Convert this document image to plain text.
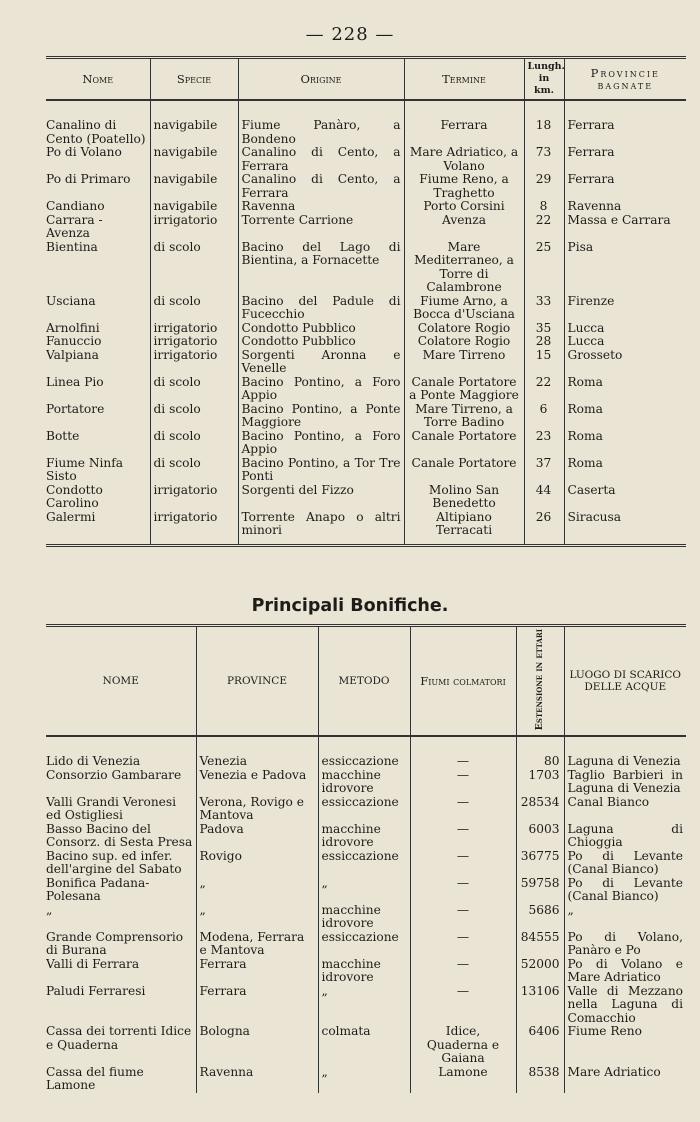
— 228 —
Nome	Specie	Origine	Termine	Lungh. in km.	Provincie bagnate
Canalino di Cento (Poatello)	navigabile	Fiume Panàro, a Bondeno	Ferrara	18	Ferrara
Po di Volano	navigabile	Canalino di Cento, a Ferrara	Mare Adriatico, a Volano	73	Ferrara
Po di Primaro	navigabile	Canalino di Cento, a Ferrara	Fiume Reno, a Traghetto	29	Ferrara
Candiano	navigabile	Ravenna	Porto Corsini	8	Ravenna
Carrara - Avenza	irrigatorio	Torrente Carrione	Avenza	22	Massa e Carrara
Bientina	di scolo	Bacino del Lago di Bientina, a Fornacette	Mare Mediterraneo, a Torre di Calambrone	25	Pisa
Usciana	di scolo	Bacino del Padule di Fucecchio	Fiume Arno, a Bocca d'Usciana	33	Firenze
Arnolfini	irrigatorio	Condotto Pubblico	Colatore Rogio	35	Lucca
Fanuccio	irrigatorio	Condotto Pubblico	Colatore Rogio	28	Lucca
Valpiana	irrigatorio	Sorgenti Aronna e Venelle	Mare Tirreno	15	Grosseto
Linea Pio	di scolo	Bacino Pontino, a Foro Appio	Canale Portatore a Ponte Maggiore	22	Roma
Portatore	di scolo	Bacino Pontino, a Ponte Maggiore	Mare Tirreno, a Torre Badino	6	Roma
Botte	di scolo	Bacino Pontino, a Foro Appio	Canale Portatore	23	Roma
Fiume Ninfa Sisto	di scolo	Bacino Pontino, a Tor Tre Ponti	Canale Portatore	37	Roma
Condotto Carolino	irrigatorio	Sorgenti del Fizzo	Molino San Benedetto	44	Caserta
Galermi	irrigatorio	Torrente Anapo o altri minori	Altipiano Terracati	26	Siracusa
Principali Bonifiche.
NOME	PROVINCE	METODO	Fiumi colmatori	Estensione in ettari	LUOGO DI SCARICO DELLE ACQUE
Lido di Venezia	Venezia	essiccazione	—	80	Laguna di Venezia
Consorzio Gambarare	Venezia e Padova	macchine idrovore	—	1703	Taglio Barbieri in Laguna di Venezia
Valli Grandi Veronesi ed Ostigliesi	Verona, Rovigo e Mantova	essiccazione	—	28534	Canal Bianco
Basso Bacino del Consorz. di Sesta Presa	Padova	macchine idrovore	—	6003	Laguna di Chioggia
Bacino sup. ed infer. dell'argine del Sabato	Rovigo	essiccazione	—	36775	Po di Levante (Canal Bianco)
Bonifica Padana-Polesana	„	„	—	59758	Po di Levante (Canal Bianco)
„	„	macchine idrovore	—	5686	„
Grande Comprensorio di Burana	Modena, Ferrara e Mantova	essiccazione	—	84555	Po di Volano, Panàro e Po
Valli di Ferrara	Ferrara	macchine idrovore	—	52000	Po di Volano e Mare Adriatico
Paludi Ferraresi	Ferrara	„	—	13106	Valle di Mezzano nella Laguna di Comacchio
Cassa dei torrenti Idice e Quaderna	Bologna	colmata	Idice, Quaderna e Gaiana	6406	Fiume Reno
Cassa del fiume Lamone	Ravenna	„	Lamone	8538	Mare Adriatico
